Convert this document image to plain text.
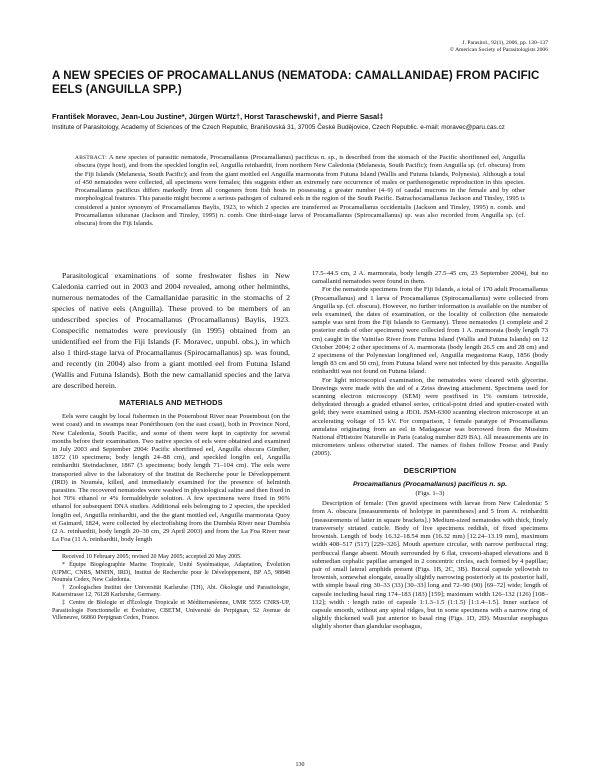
J. Parasitol., 92(1), 2006, pp. 130–137
© American Society of Parasitologists 2006
A NEW SPECIES OF PROCAMALLANUS (NEMATODA: CAMALLANIDAE) FROM PACIFIC EELS (ANGUILLA SPP.)
František Moravec, Jean-Lou Justine*, Jürgen Würtz†, Horst Taraschewski†, and Pierre Sasal‡
Institute of Parasitology, Academy of Sciences of the Czech Republic, Branišovská 31, 37005 České Budějovice, Czech Republic. e-mail: moravec@paru.cas.cz
ABSTRACT: A new species of parasitic nematode, Procamallanus (Procamallanus) pacificus n. sp., is described from the stomach of the Pacific shortfinned eel, Anguilla obscura (type host), and from the speckled longfin eel, Anguilla reinhardtii, from northern New Caledonia (Melanesia, South Pacific); from Anguilla sp. (cf. obscura) from the Fiji Islands (Melanesia, South Pacific); and from the giant mottled eel Anguilla marmorata from Futuna Island (Wallis and Futuna Islands, Polynesia). Although a total of 450 nematodes were collected, all specimens were females; this suggests either an extremely rare occurrence of males or parthenogenetic reproduction in this species. Procamallanus pacificus differs markedly from all congeners from fish hosts in possessing a greater number (4–9) of caudal mucrons in the female and by other morphological features. This parasite might become a serious pathogen of cultured eels in the region of the South Pacific. Batrachocamallanus Jackson and Tinsley, 1995 is considered a junior synonym of Procamallanus Baylis, 1923, to which 2 species are transferred as Procamallanus occidentalis (Jackson and Tinsley, 1995) n. comb. and Procamallanus siluranae (Jackson and Tinsley, 1995) n. comb. One third-stage larva of Procamallanus (Spirocamallanus) sp. was also recorded from Anguilla sp. (cf. obscura) from the Fiji Islands.

Parasitological examinations of some freshwater fishes in New Caledonia carried out in 2003 and 2004 revealed, among other helminths, numerous nematodes of the Camallanidae parasitic in the stomachs of 2 species of native eels (Anguilla). These proved to be members of an undescribed species of Procamallanus (Procamallanus) Baylis, 1923. Conspecific nematodes were previously (in 1995) obtained from an unidentified eel from the Fiji Islands (F. Moravec, unpubl. obs.), in which also 1 third-stage larva of Procamallanus (Spirocamallanus) sp. was found, and recently (in 2004) also from a giant mottled eel from Futuna Island (Wallis and Futuna Islands). Both the new camallanid species and the larva are described herein.

MATERIALS AND METHODS

Eels were caught by local fishermen in the Pouembout River near Pouembout (on the west coast) and in swamps near Ponérihouen (on the east coast), both in Province Nord, New Caledonia, South Pacific, and some of them were kept in captivity for several months before their examination. Two native species of eels were obtained and examined in July 2003 and September 2004: Pacific shortfinned eel, Anguilla obscura Günther, 1872 (10 specimens; body length 24–88 cm), and speckled longfin eel, Anguilla reinhardtii Steindachner, 1867 (3 specimens; body length 71–104 cm). The eels were transported alive to the laboratory of the Institut de Recherche pour le Développement (IRD) in Nouméa, killed, and immediately examined for the presence of helminth parasites. The recovered nematodes were washed in physiological saline and then fixed in hot 70% ethanol or 4% formaldehyde solution. A few specimens were fixed in 96% ethanol for subsequent DNA studies. Additional eels belonging to 2 species, the speckled longfin eel, Anguilla reinhardtii, and the the giant mottled eel, Anguilla marmorata Quoy et Gaimard, 1824, were collected by electrofishing from the Dumbéa River near Dumbéa (2 A. reinhardtii, body length 20–30 cm, 29 April 2003) and from the La Foa River near La Foa (11 A. reinhardtii, body length

Received 10 February 2005; revised 20 May 2005; accepted 20 May 2005.

* Équipe Biogéographie Marine Tropicale, Unité Systématique, Adaptation, Évolution (UPMC, CNRS, MNHN, IRD), Institut de Recherche pour le Développement, BP A5, 98848 Nouméa Cedex, New Caledonia.

† Zoologisches Institut der Universität Karlsruhe (TH), Abt. Ökologie und Parasitologie, Kaiserstrasse 12, 76128 Karlsruhe, Germany.

‡ Centre de Biologie et d'Écologie Tropicale et Méditerranéenne, UMR 5555 CNRS-UP, Parasitologie Fonctionnelle et Évolutive, CBETM, Université de Perpignan, 52 Avenue de Villeneuve, 66860 Perpignan Cedex, France.

17.5–44.5 cm, 2 A. marmorata, body length 27.5–45 cm, 23 September 2004), but no camallanid nematodes were found in them.

For the nematode specimens from the Fiji Islands, a total of 170 adult Procamallanus (Procamallanus) and 1 larva of Procamallanus (Spirocamallanus) were collected from Anguilla sp. (cf. obscura). However, no further information is available on the number of eels examined, the dates of examination, or the locality of collection (the nematode sample was sent from the Fiji Islands to Germany). Three nematodes (1 complete and 2 posterior ends of other specimens) were collected from 1 A. marmorata (body length 73 cm) caught in the Vainifao River from Futuna Island (Wallis and Futuna Islands) on 12 October 2004; 2 other specimens of A. marmorata (body length 26.5 cm and 28 cm) and 2 specimens of the Polynesian longfinned eel, Anguilla megastoma Kaup, 1856 (body length 83 cm and 50 cm), from Futuna Island were not infected by this parasite. Anguilla reinhardtii was not found on Futuna Island.

For light microscopical examination, the nematodes were cleared with glycerine. Drawings were made with the aid of a Zeiss drawing attachment. Specimens used for scanning electron microscopy (SEM) were postfixed in 1% osmium tetroxide, dehydrated through a graded ethanol series, critical-point dried and sputter-coated with gold; they were examined using a JEOL JSM-6300 scanning electron microscope at an accelerating voltage of 15 kV. For comparison, 1 female paratype of Procamallanus annulatus originating from an eel in Madagascar was borrowed from the Muséum National d'Histoire Naturelle in Paris (catalog number 829 BA). All measurements are in micrometers unless otherwise stated. The names of fishes follow Froese and Pauly (2005).

DESCRIPTION
Procamallanus (Procamallanus) pacificus n. sp.
(Figs. 1–3)

Description of female: (Ten gravid specimens with larvae from New Caledonia: 5 from A. obscura [measurements of holotype in parentheses] and 5 from A. reinhardtii [measurements of latter in square brackets].) Medium-sized nematodes with thick, finely transversely striated cuticle. Body of live specimens reddish, of fixed specimens brownish. Length of body 16.32–18.54 mm (16.32 mm) [12.24–13.19 mm], maximum width 408–517 (517) [229–326]. Mouth aperture circular, with narrow peribuccal ring; peribuccal flange absent. Mouth surrounded by 6 flat, crescent-shaped elevations and 8 submedian cephalic papillae arranged in 2 concentric circles, each formed by 4 papillae; pair of small lateral amphids present (Figs. 1B, 2C, 3B). Buccal capsule yellowish to brownish, somewhat elongate, usually slightly narrowing posteriorly at its posterior half, with simple basal ring 30–33 (33) [30–33] long and 72–90 (90) [69–72] wide; length of capsule including basal ring 174–183 (183) [159]; maximum width 126–132 (126) [108–132]; width : length ratio of capsule 1:1.3–1.5 (1:1.5) [1:1.4–1.5]. Inner surface of capsule smooth, without any spiral ridges, but in some specimens with a narrow ring of slightly thickened wall just anterior to basal ring (Figs. 1D, 2D). Muscular esophagus slightly shorter than glandular esophagus,

130
